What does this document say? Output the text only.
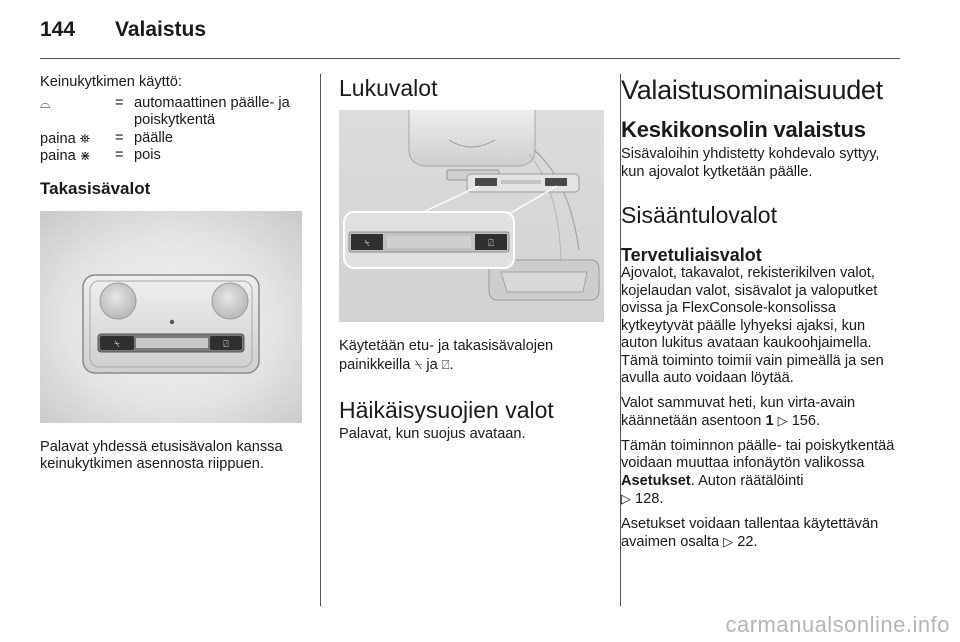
144 Valaistus

Keinukytkimen käyttö:

⌓	= automaattinen päälle- ja poiskytkentä
paina ⛯ = päälle
paina ⋇ = pois
Takasisävalot
⍀	⍁

Palavat yhdessä etusisävalon kanssa keinukytkimen asennosta riippuen.

Lukuvalot
⍀	⍁

Käytetään etu- ja takasisävalojen painikkeilla ⍀ ja ⍁.

Häikäisysuojien valot

Palavat, kun suojus avataan.

Valaistusominaisuudet
Keskikonsolin valaistus

Sisävaloihin yhdistetty kohdevalo syttyy, kun ajovalot kytketään päälle.

Sisääntulovalot
Tervetuliaisvalot

Ajovalot, takavalot, rekisterikilven valot, kojelaudan valot, sisävalot ja valoputket ovissa ja FlexConsole-konsolissa kytkeytyvät päälle lyhyeksi ajaksi, kun auton lukitus avataan kaukoohjaimella. Tämä toiminto toimii vain pimeällä ja sen avulla auto voidaan löytää.

Valot sammuvat heti, kun virta-avain käännetään asentoon 1 ▷ 156.

Tämän toiminnon päälle- tai poiskytkentää voidaan muuttaa infonäytön valikossa Asetukset. Auton räätälöinti
▷ 128.

Asetukset voidaan tallentaa käytettävän avaimen osalta ▷ 22.

carmanualsonline.info
